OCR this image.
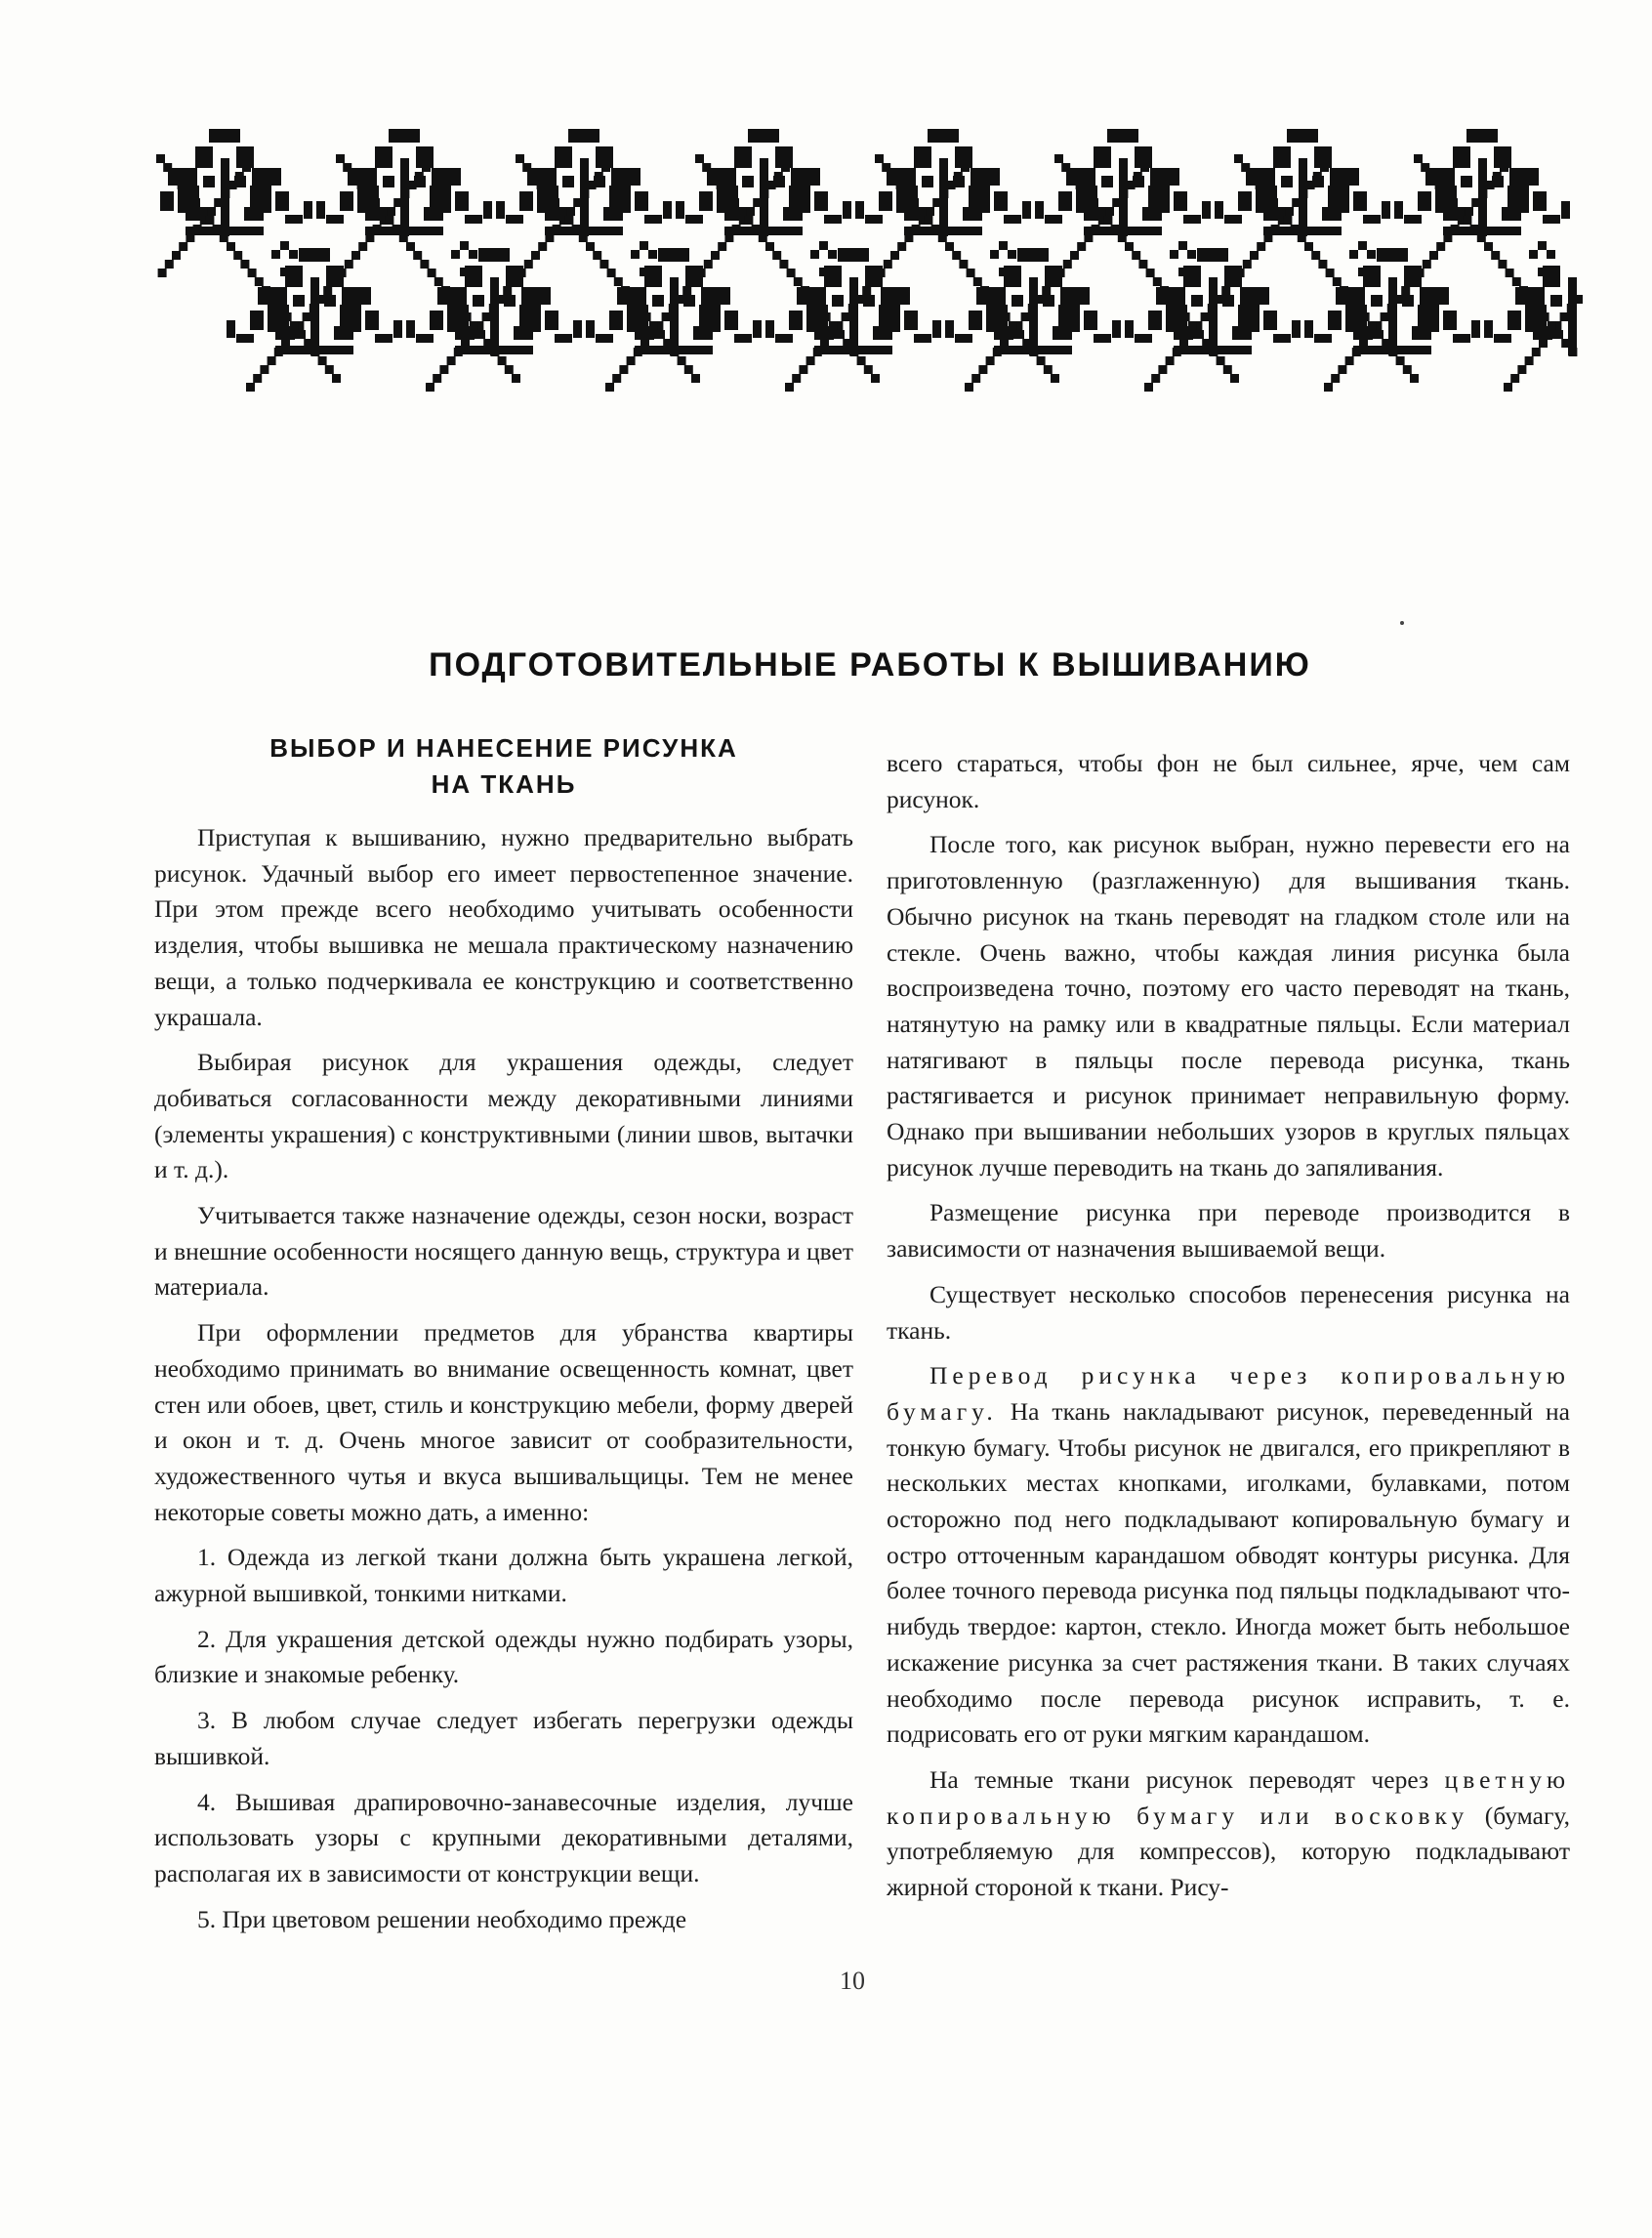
ПОДГОТОВИТЕЛЬНЫЕ РАБОТЫ К ВЫШИВАНИЮ
ВЫБОР И НАНЕСЕНИЕ РИСУНКА
НА ТКАНЬ

Приступая к вышиванию, нужно предварительно выбрать рисунок. Удачный выбор его имеет первостепенное значение. При этом прежде всего необходимо учитывать особенности изделия, чтобы вышивка не мешала практическому назначению вещи, а только подчеркивала ее конструкцию и соответственно украшала.

Выбирая рисунок для украшения одежды, следует добиваться согласованности между декоративными линиями (элементы украшения) с конструктивными (линии швов, вытачки и т. д.).

Учитывается также назначение одежды, сезон носки, возраст и внешние особенности носящего данную вещь, структура и цвет материала.

При оформлении предметов для убранства квартиры необходимо принимать во внимание освещенность комнат, цвет стен или обоев, цвет, стиль и конструкцию мебели, форму дверей и окон и т. д. Очень многое зависит от сообразительности, художественного чутья и вкуса вышивальщицы. Тем не менее некоторые советы можно дать, а именно:

1. Одежда из легкой ткани должна быть украшена легкой, ажурной вышивкой, тонкими нитками.

2. Для украшения детской одежды нужно подбирать узоры, близкие и знакомые ребенку.

3. В любом случае следует избегать перегрузки одежды вышивкой.

4. Вышивая драпировочно-занавесочные изделия, лучше использовать узоры с крупными декоративными деталями, располагая их в зависимости от конструкции вещи.

5. При цветовом решении необходимо прежде

всего стараться, чтобы фон не был сильнее, ярче, чем сам рисунок.

После того, как рисунок выбран, нужно перевести его на приготовленную (разглаженную) для вышивания ткань. Обычно рисунок на ткань переводят на гладком столе или на стекле. Очень важно, чтобы каждая линия рисунка была воспроизведена точно, поэтому его часто переводят на ткань, натянутую на рамку или в квадратные пяльцы. Если материал натягивают в пяльцы после перевода рисунка, ткань растягивается и рисунок принимает неправильную форму. Однако при вышивании небольших узоров в круглых пяльцах рисунок лучше переводить на ткань до запяливания.

Размещение рисунка при переводе производится в зависимости от назначения вышиваемой вещи.

Существует несколько способов перенесения рисунка на ткань.

Перевод рисунка через копировальную бумагу. На ткань накладывают рисунок, переведенный на тонкую бумагу. Чтобы рисунок не двигался, его прикрепляют в нескольких местах кнопками, иголками, булавками, потом осторожно под него подкладывают копировальную бумагу и остро отточенным карандашом обводят контуры рисунка. Для более точного перевода рисунка под пяльцы подкладывают что-нибудь твердое: картон, стекло. Иногда может быть небольшое искажение рисунка за счет растяжения ткани. В таких случаях необходимо после перевода рисунок исправить, т. е. подрисовать его от руки мягким карандашом.

На темные ткани рисунок переводят через цветную копировальную бумагу или восковку (бумагу, употребляемую для компрессов), которую подкладывают жирной стороной к ткани. Рису-

10
